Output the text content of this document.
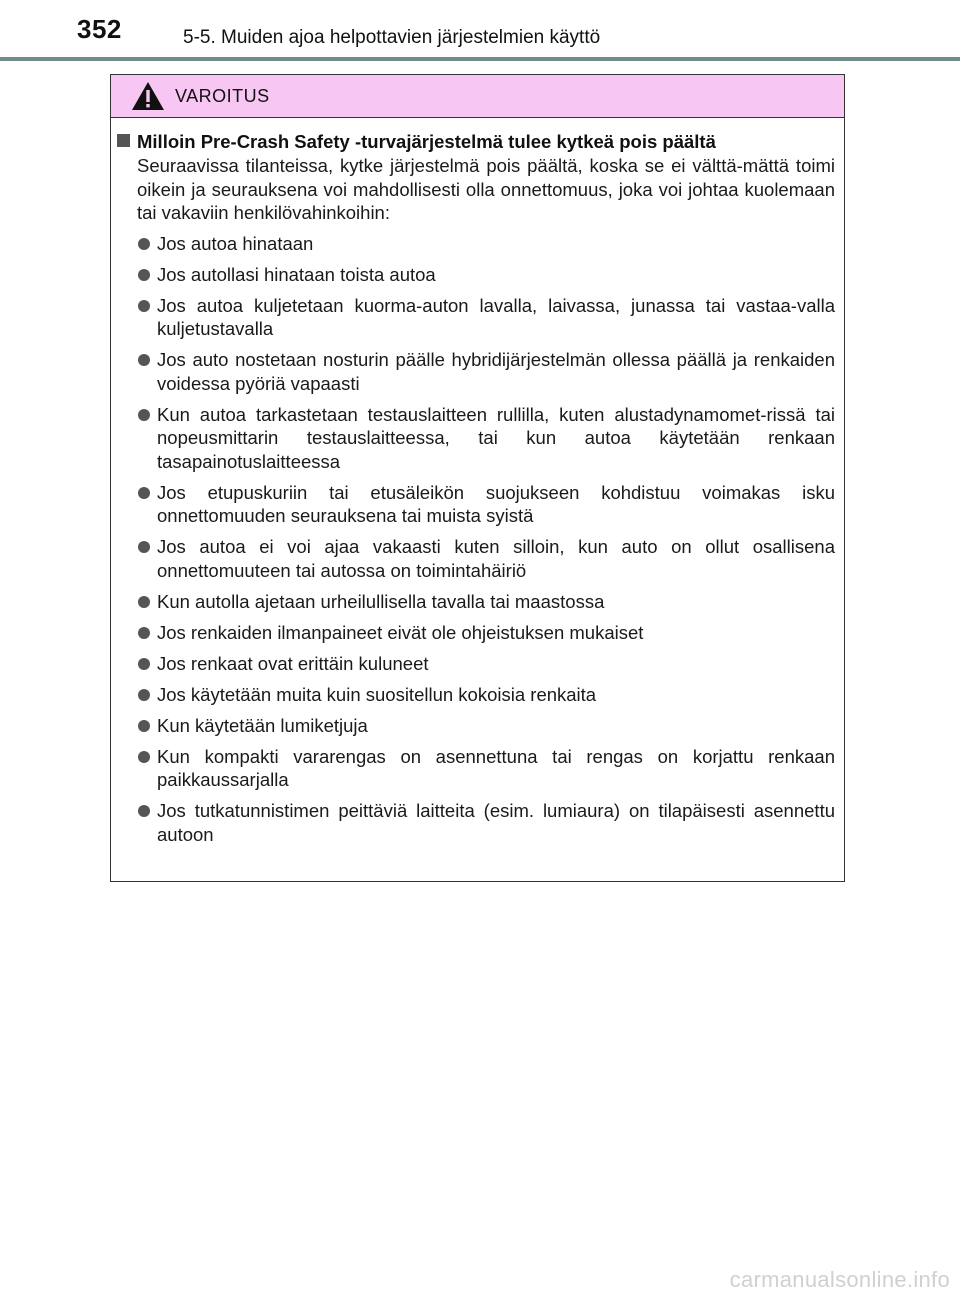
352	5-5. Muiden ajoa helpottavien järjestelmien käyttö
VAROITUS
Milloin Pre-Crash Safety -turvajärjestelmä tulee kytkeä pois päältä
Seuraavissa tilanteissa, kytke järjestelmä pois päältä, koska se ei välttä-mättä toimi oikein ja seurauksena voi mahdollisesti olla onnettomuus, joka voi johtaa kuolemaan tai vakaviin henkilövahinkoihin:
Jos autoa hinataan
Jos autollasi hinataan toista autoa
Jos autoa kuljetetaan kuorma-auton lavalla, laivassa, junassa tai vastaa-valla kuljetustavalla
Jos auto nostetaan nosturin päälle hybridijärjestelmän ollessa päällä ja renkaiden voidessa pyöriä vapaasti
Kun autoa tarkastetaan testauslaitteen rullilla, kuten alustadynamomet-rissä tai nopeusmittarin testauslaitteessa, tai kun autoa käytetään renkaan tasapainotuslaitteessa
Jos etupuskuriin tai etusäleikön suojukseen kohdistuu voimakas isku onnettomuuden seurauksena tai muista syistä
Jos autoa ei voi ajaa vakaasti kuten silloin, kun auto on ollut osallisena onnettomuuteen tai autossa on toimintahäiriö
Kun autolla ajetaan urheilullisella tavalla tai maastossa
Jos renkaiden ilmanpaineet eivät ole ohjeistuksen mukaiset
Jos renkaat ovat erittäin kuluneet
Jos käytetään muita kuin suositellun kokoisia renkaita
Kun käytetään lumiketjuja
Kun kompakti vararengas on asennettuna tai rengas on korjattu renkaan paikkaussarjalla
Jos tutkatunnistimen peittäviä laitteita (esim. lumiaura) on tilapäisesti asennettu autoon
carmanualsonline.info
